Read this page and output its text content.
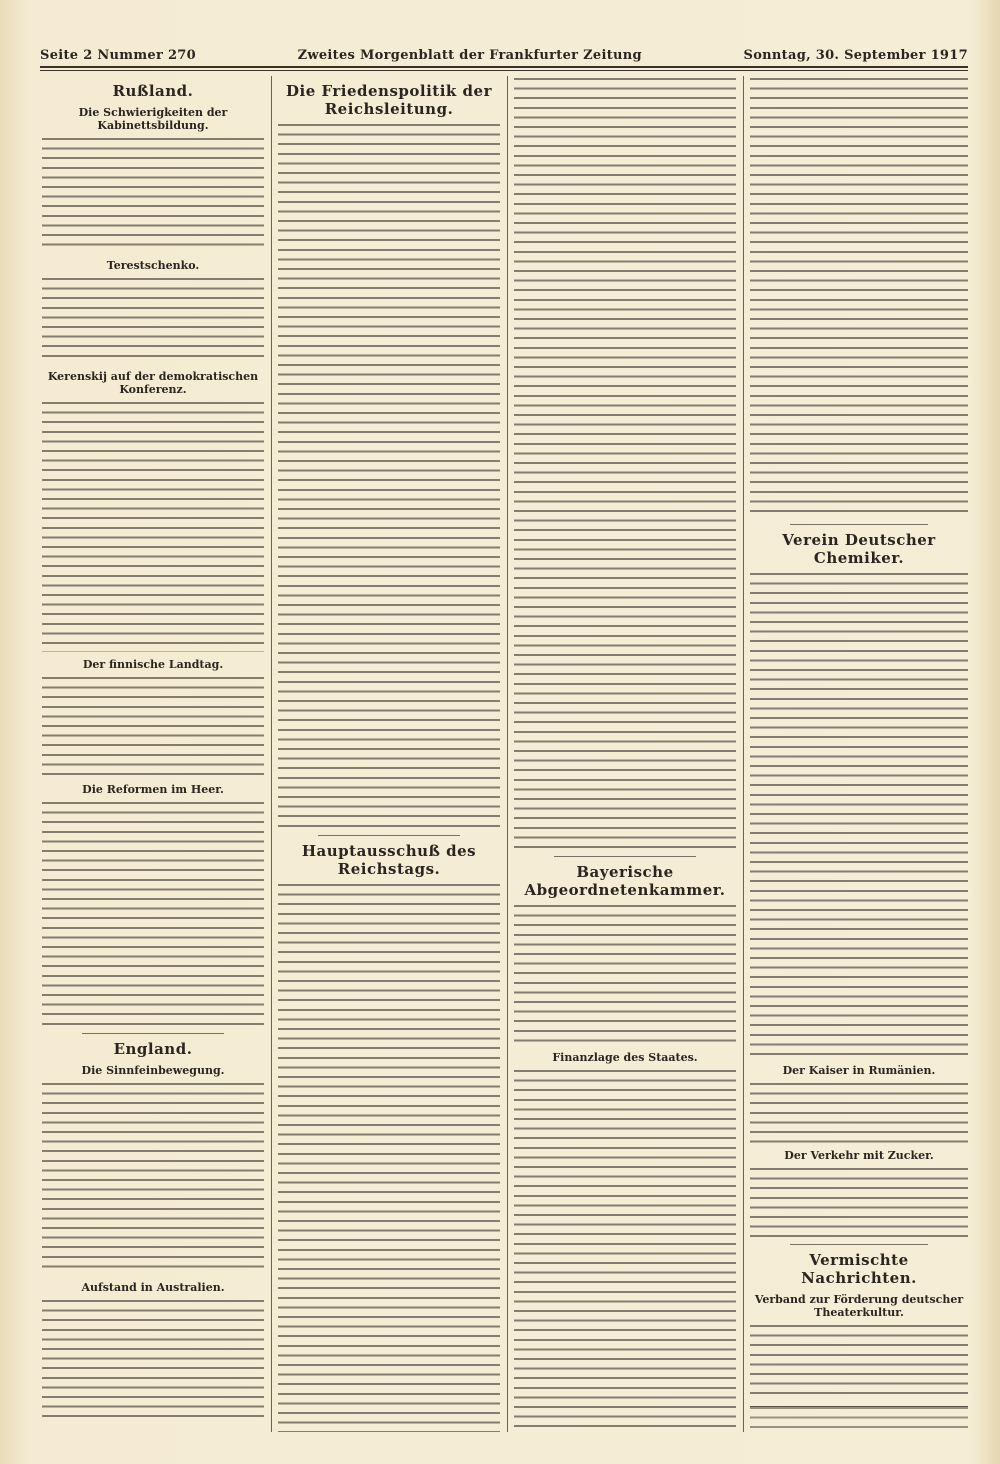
Seite 2 Nummer 270	Zweites Morgenblatt der Frankfurter Zeitung	Sonntag, 30. September 1917
Rußland.
Die Schwierigkeiten der Kabinettsbildung.
Terestschenko.
Kerenskij auf der demokratischen Konferenz.
Der finnische Landtag.
Die Reformen im Heer.
England.
Die Sinnfeinbewegung.
Aufstand in Australien.
Die Friedenspolitik der Reichsleitung.
Hauptausschuß des Reichstags.	Bayerische Abgeordnetenkammer.
Finanzlage des Staates.
Verein Deutscher Chemiker.
Der Kaiser in Rumänien.
Der Verkehr mit Zucker.
Vermischte Nachrichten.
Verband zur Förderung deutscher Theaterkultur.
